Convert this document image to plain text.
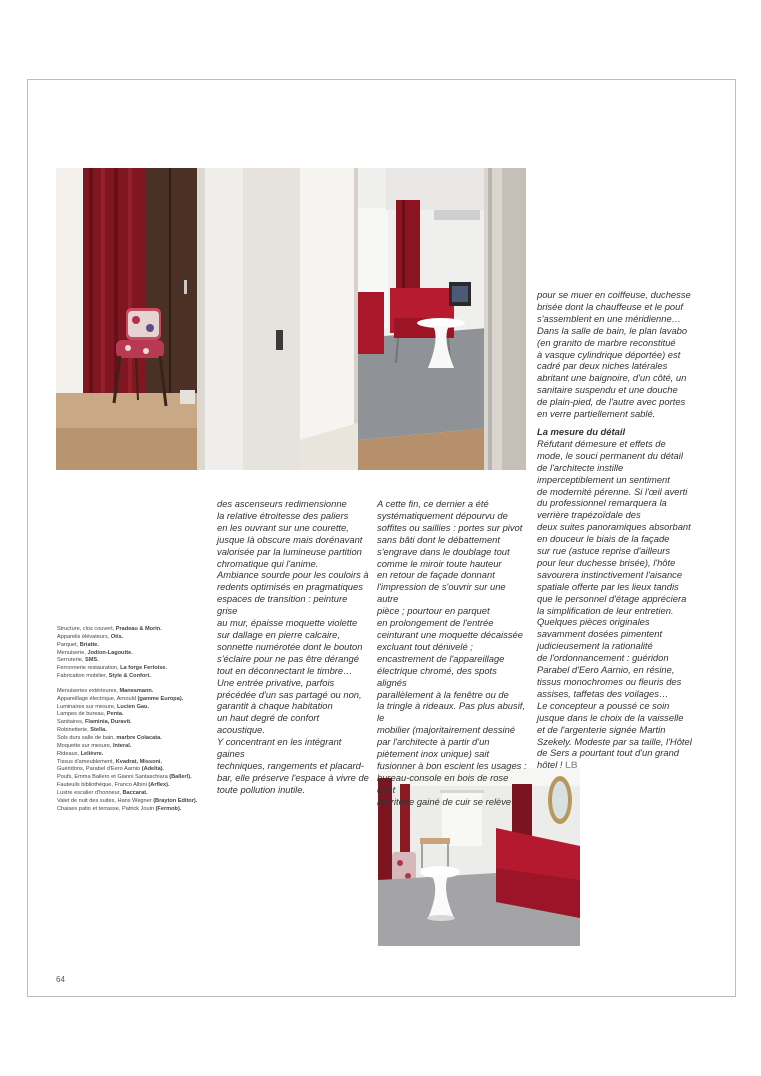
des ascenseurs redimensionne

la relative étroitesse des paliers

en les ouvrant sur une courette,

jusque là obscure mais dorénavant

valorisée par la lumineuse partition

chromatique qui l'anime.

Ambiance sourde pour les couloirs à

redents optimisés en pragmatiques

espaces de transition : peinture grise

au mur, épaisse moquette violette

sur dallage en pierre calcaire,

sonnette numérotée dont le bouton

s'éclaire pour ne pas être dérangé

tout en déconnectant le timbre…

Une entrée privative, parfois

précédée d'un sas partagé ou non,

garantit à chaque habitation

un haut degré de confort acoustique.

Y concentrant en les intégrant gaines

techniques, rangements et placard-

bar, elle préserve l'espace à vivre de

toute pollution inutile.

A cette fin, ce dernier a été

systématiquement dépourvu de

soffites ou saillies : portes sur pivot

sans bâti dont le débattement

s'engrave dans le doublage tout

comme le miroir toute hauteur

en retour de façade donnant

l'impression de s'ouvrir sur une autre

pièce ; pourtour en parquet

en prolongement de l'entrée

ceinturant une moquette décaissée

excluant tout dénivelé ;

encastrement de l'appareillage

électrique chromé, des spots alignés

parallèlement à la fenêtre ou de

la tringle à rideaux. Pas plus abusif, le

mobilier (majoritairement dessiné

par l'architecte à partir d'un

piètement inox unique) sait

fusionner à bon escient les usages :

bureau-console en bois de rose dont

l'écritoire gainé de cuir se relève

pour se muer en coiffeuse, duchesse

brisée dont la chauffeuse et le pouf

s'assemblent en une méridienne…

Dans la salle de bain, le plan lavabo

(en granito de marbre reconstitué

à vasque cylindrique déportée) est

cadré par deux niches latérales

abritant une baignoire, d'un côté, un

sanitaire suspendu et une douche

de plain-pied, de l'autre avec portes

en verre partiellement sablé.

La mesure du détail

Réfutant démesure et effets de

mode, le souci permanent du détail

de l'architecte instille

imperceptiblement un sentiment

de modernité pérenne. Si l'œil averti

du professionnel remarquera la

verrière trapézoïdale des

deux suites panoramiques absorbant

en douceur le biais de la façade

sur rue (astuce reprise d'ailleurs

pour leur duchesse brisée), l'hôte

savourera instinctivement l'aisance

spatiale offerte par les lieux tandis

que le personnel d'étage appréciera

la simplification de leur entretien.

Quelques pièces originales

savamment dosées pimentent

judicieusement la rationalité

de l'ordonnancement : guéridon

Parabel d'Eero Aarnio, en résine,

tissus monochromes ou fleuris des

assises, taffetas des voilages…

Le concepteur a poussé ce soin

jusque dans le choix de la vaisselle

et de l'argenterie signée Martin

Szekely. Modeste par sa taille, l'Hôtel

de Sers a pourtant tout d'un grand

hôtel ! LB

Structure, clos couvert, Pradeau & Morin.
Appareils élévateurs, Otis.
Parquet, Briatte.
Menuiserie, Jodion-Lagoutte.
Serrurerie, SMS.
Ferronnerie restauration, La forge Fertoise.
Fabrication mobilier, Style & Confort.
Menuiseries extérieures, Manesmann.
Appareillage électrique, Arnould (gamme Europa).
Luminaires sur mesure, Lucien Gau.
Lampes de bureau, Penta.
Sanitaires, Flaminia, Duravit.
Robinetterie, Stella.
Sols durs salle de bain, marbre Colacata.
Moquette sur mesure, Interal.
Rideaux, Lelièvre.
Tissus d'ameublement, Kvadrat, Missoni.
Guéridons, Parabel d'Eero Aarnio (Adelta).
Poufs, Emma Ballero et Gianni Santaschiara (Ballerl).
Fauteuils bibliothèque, Franco Albini (Arflex).
Lustre escalier d'honneur, Baccarat.
Valet de nuit des suites, Hans Wegner (Brayton Editor).
Chaises patio et terrasse, Patrick Jouin (Fermob).
64
